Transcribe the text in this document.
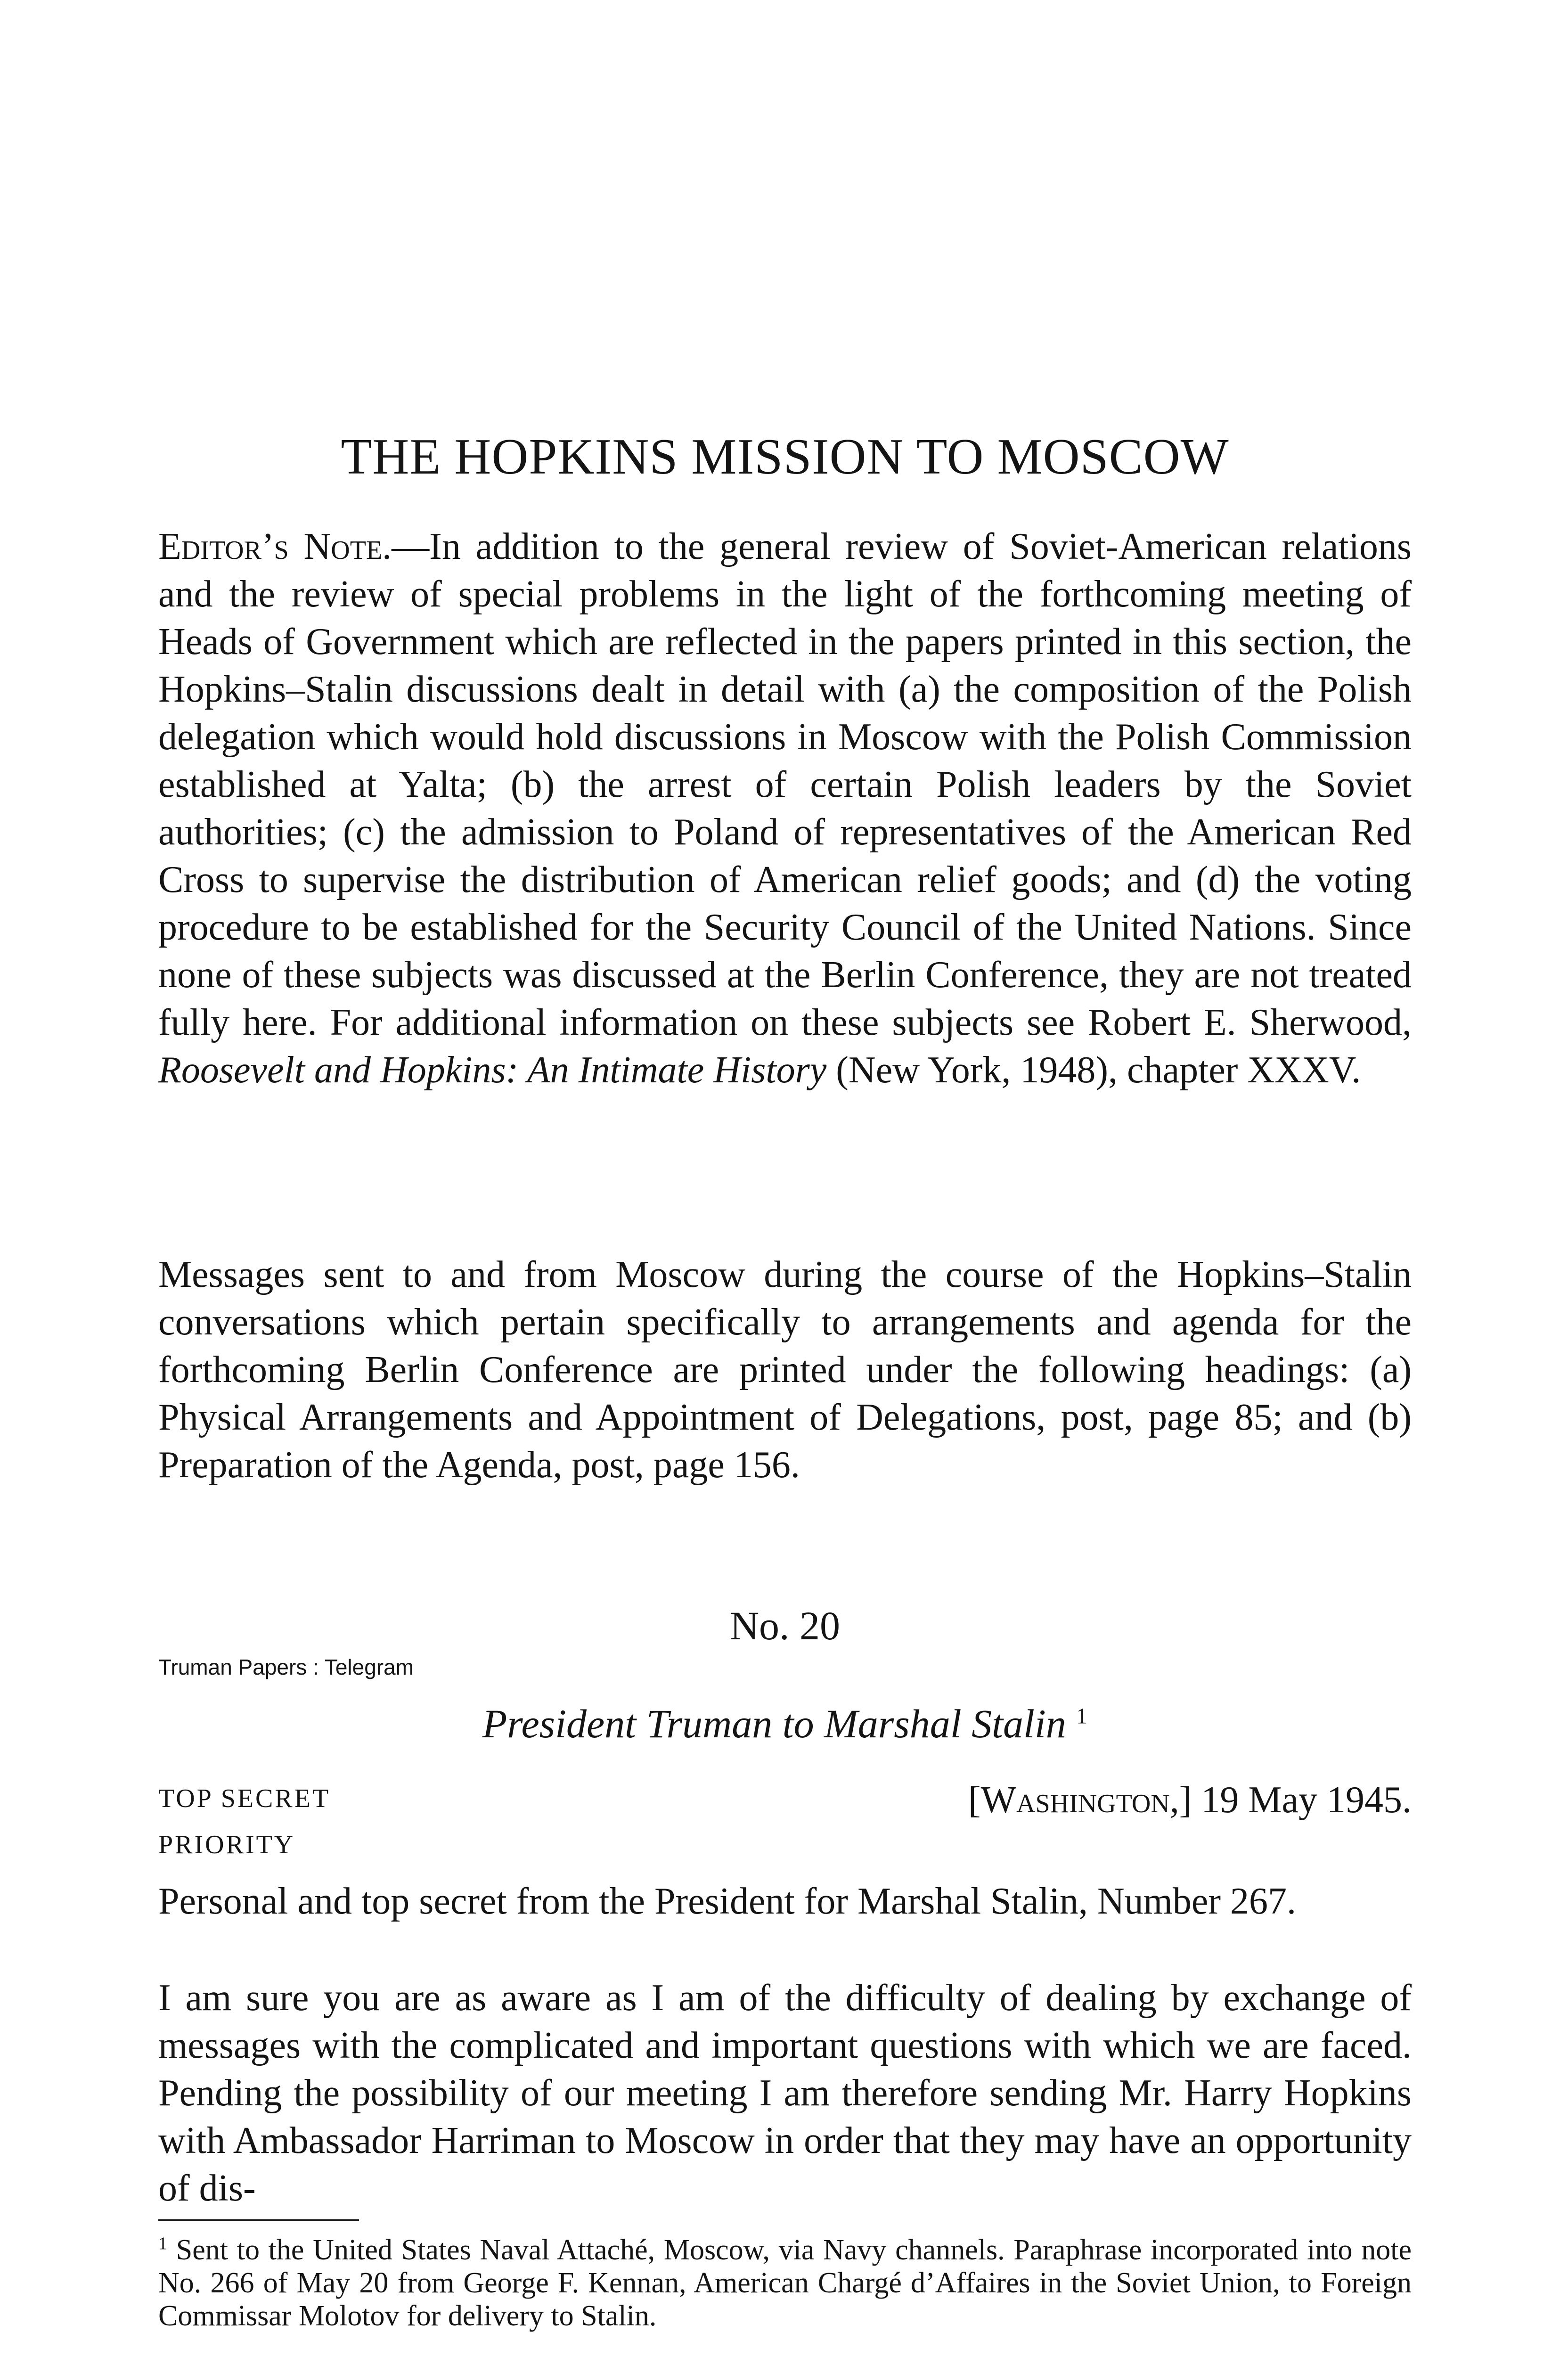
THE HOPKINS MISSION TO MOSCOW

Editor’s Note.—In addition to the general review of Soviet-American relations and the review of special problems in the light of the forthcoming meeting of Heads of Government which are reflected in the papers printed in this section, the Hopkins–Stalin discussions dealt in detail with (a) the composition of the Polish delegation which would hold discussions in Moscow with the Polish Commission established at Yalta; (b) the arrest of certain Polish leaders by the Soviet authorities; (c) the admission to Poland of representatives of the American Red Cross to supervise the distribution of American relief goods; and (d) the voting procedure to be established for the Security Council of the United Nations. Since none of these subjects was discussed at the Berlin Conference, they are not treated fully here. For additional information on these subjects see Robert E. Sherwood, Roosevelt and Hopkins: An Intimate History (New York, 1948), chapter XXXV.

Messages sent to and from Moscow during the course of the Hopkins–Stalin conversations which pertain specifically to arrangements and agenda for the forthcoming Berlin Conference are printed under the following headings: (a) Physical Arrangements and Appointment of Delegations, post, page 85; and (b) Preparation of the Agenda, post, page 156.

No. 20
Truman Papers : Telegram
President Truman to Marshal Stalin $^1$
TOP SECRET
PRIORITY
[Washington,] 19 May 1945.

Personal and top secret from the President for Marshal Stalin, Number 267.

I am sure you are as aware as I am of the difficulty of dealing by exchange of messages with the complicated and important questions with which we are faced. Pending the possibility of our meeting I am therefore sending Mr. Harry Hopkins with Ambassador Harriman to Moscow in order that they may have an opportunity of dis-

$^1$ Sent to the United States Naval Attaché, Moscow, via Navy channels. Paraphrase incorporated into note No. 266 of May 20 from George F. Kennan, American Chargé d’Affaires in the Soviet Union, to Foreign Commissar Molotov for delivery to Stalin.
